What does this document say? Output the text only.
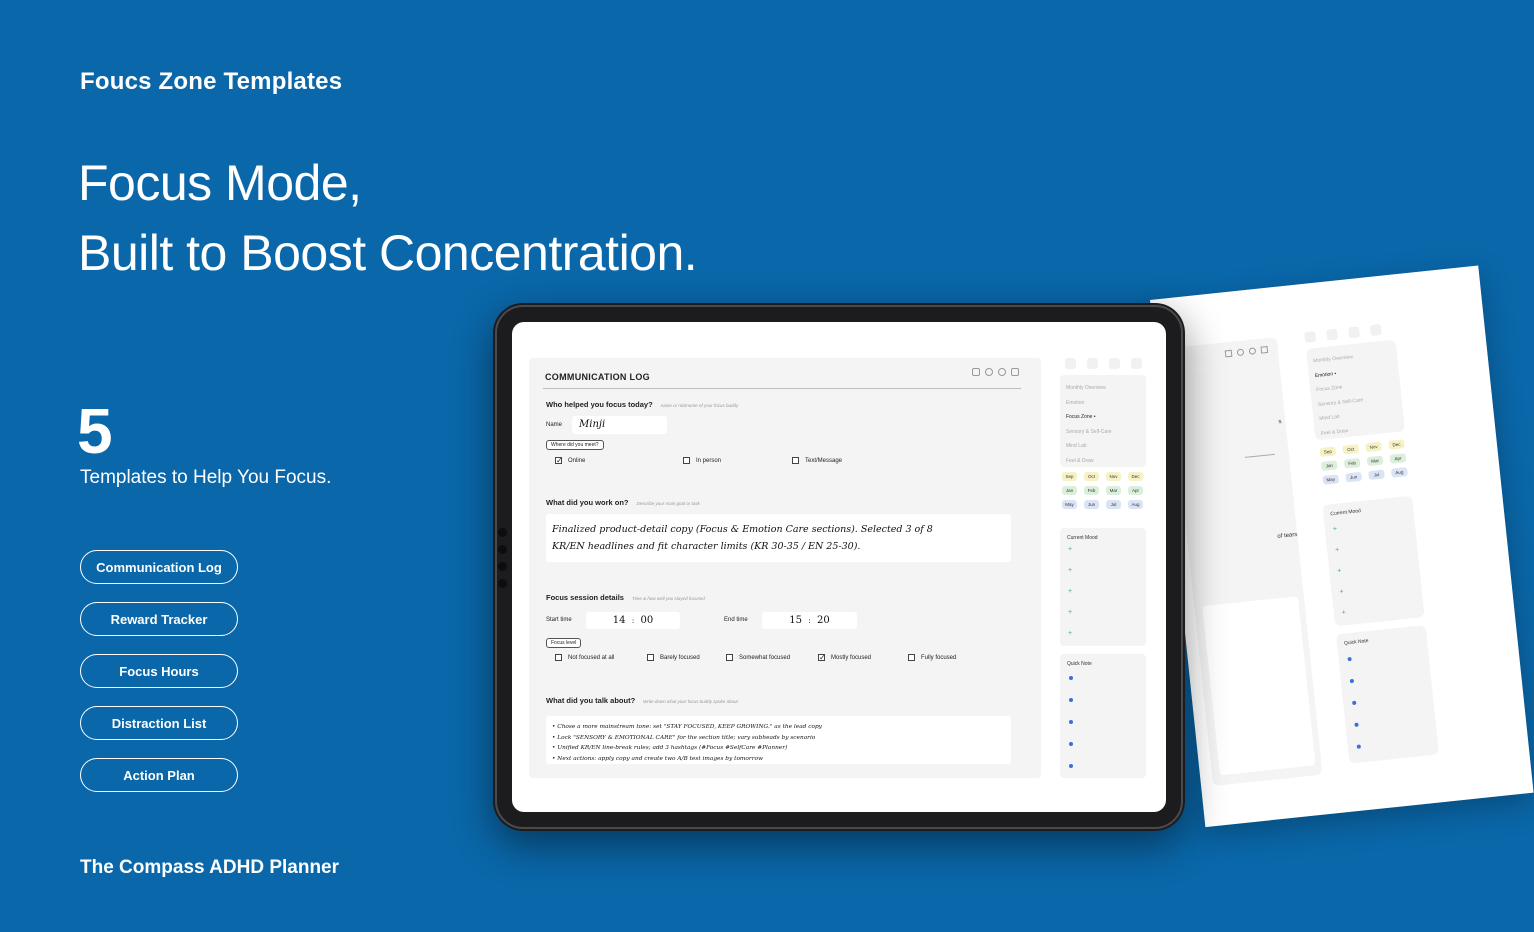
Foucs Zone Templates
Focus Mode,
Built to Boost Concentration.
5
Templates to Help You Focus.
Communication Log
Reward Tracker
Focus Hours
Distraction List
Action Plan
The Compass ADHD Planner
s
of tears
Monthly Overview
Emotion •
Focus Zone
Sensory & Self-Care
Mind Lab
Feel & Draw
Sep	Oct	Nov	Dec
Jan	Feb	Mar	Apr
May	Jun	Jul	Aug
Current Mood
+
+
+
+
+
Quick Note
COMMUNICATION LOG
Who helped you focus today? name or nickname of your focus buddy
Name	Minji
Where did you meet?
✓ Online	In person	Text/Message
What did you work on? Describe your main goal or task
Finalized product-detail copy (Focus & Emotion Care sections). Selected 3 of 8
KR/EN headlines and fit character limits (KR 30-35 / EN 25-30).
Focus session details Time & how well you stayed focused
Start time	14 : 00	End time	15 : 20
Focus level
Not focused at all	Barely focused	Somewhat focused	✓ Mostly focused	Fully focused
What did you talk about? Write down what your focus buddy spoke about
• Chose a more mainstream tone: set "STAY FOCUSED, KEEP GROWING." as the lead copy
• Lock "SENSORY & EMOTIONAL CARE" for the section title; vary subheads by scenario
• Unified KR/EN line-break rules; add 3 hashtags (#Focus #SelfCare #Planner)
• Next actions: apply copy and create two A/B test images by tomorrow
Monthly Overview
Emotion
Focus Zone •
Sensory & Self-Care
Mind Lab
Feel & Draw
Sep	Oct	Nov	Dec
Jan	Feb	Mar	Apr
May	Jun	Jul	Aug
Current Mood
+
+
+
+
+
Quick Note
